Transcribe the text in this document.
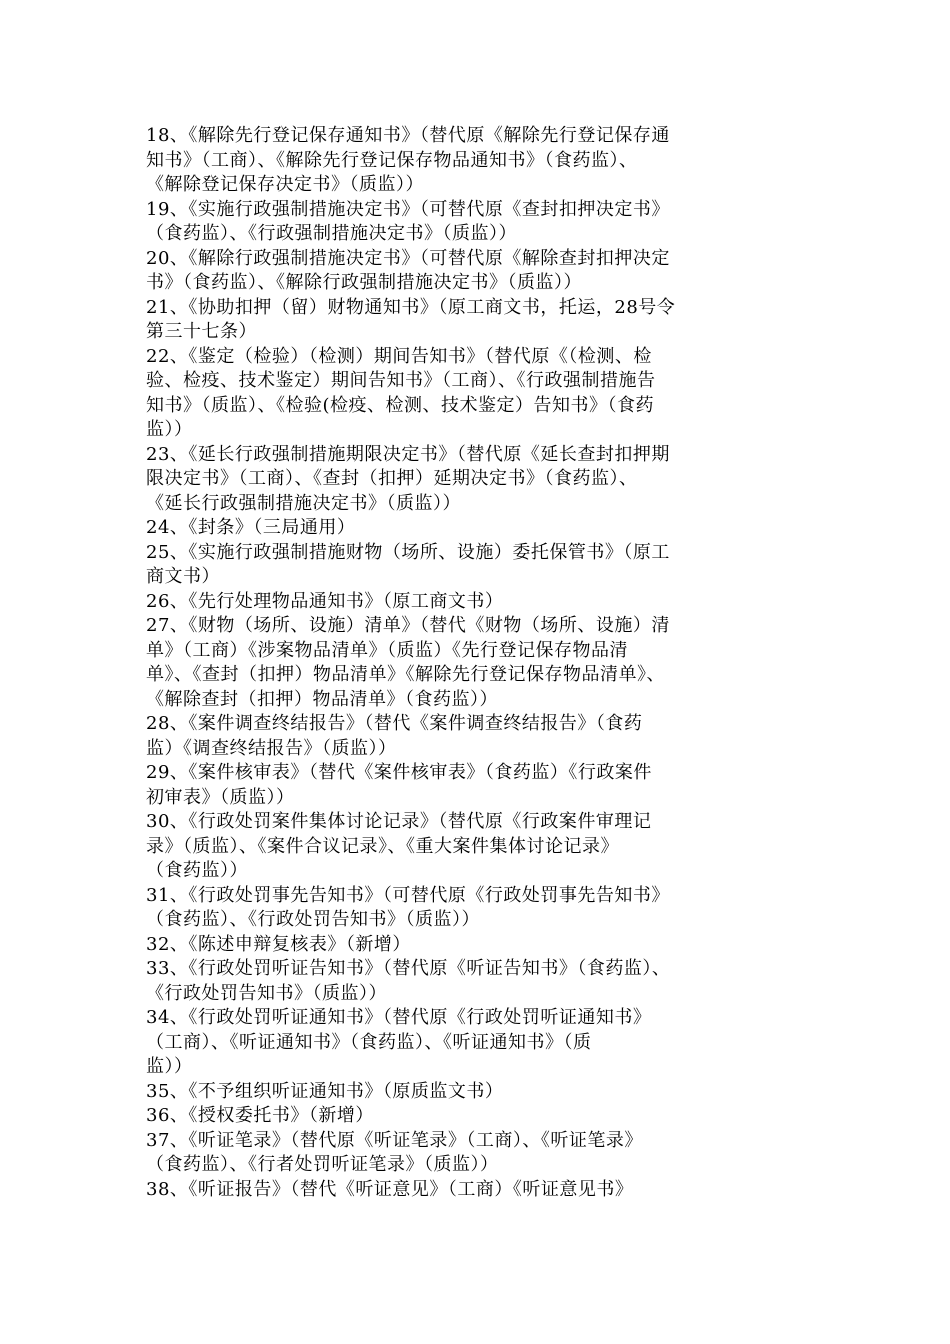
18、《解除先行登记保存通知书》（替代原《解除先行登记保存通
知书》（工商）、《解除先行登记保存物品通知书》（食药监）、
《解除登记保存决定书》（质监））
19、《实施行政强制措施决定书》（可替代原《查封扣押决定书》
（食药监）、《行政强制措施决定书》（质监））
20、《解除行政强制措施决定书》（可替代原《解除查封扣押决定
书》（食药监）、《解除行政强制措施决定书》（质监））
21、《协助扣押（留）财物通知书》（原工商文书，托运，28号令
第三十七条）
22、《鉴定（检验）（检测）期间告知书》（替代原《（检测、检
验、检疫、技术鉴定）期间告知书》（工商）、《行政强制措施告
知书》（质监）、《检验(检疫、检测、技术鉴定）告知书》（食药
监））
23、《延长行政强制措施期限决定书》（替代原《延长查封扣押期
限决定书》（工商）、《查封（扣押）延期决定书》（食药监）、
《延长行政强制措施决定书》（质监））
24、《封条》（三局通用）
25、《实施行政强制措施财物（场所、设施）委托保管书》（原工
商文书）
26、《先行处理物品通知书》（原工商文书）
27、《财物（场所、设施）清单》（替代《财物（场所、设施）清
单》（工商）《涉案物品清单》（质监）《先行登记保存物品清
单》、《查封（扣押）物品清单》《解除先行登记保存物品清单》、
《解除查封（扣押）物品清单》（食药监））
28、《案件调查终结报告》（替代《案件调查终结报告》（食药
监）《调查终结报告》（质监））
29、《案件核审表》（替代《案件核审表》（食药监）《行政案件
初审表》（质监））
30、《行政处罚案件集体讨论记录》（替代原《行政案件审理记
录》（质监）、《案件合议记录》、《重大案件集体讨论记录》
（食药监））
31、《行政处罚事先告知书》（可替代原《行政处罚事先告知书》
（食药监）、《行政处罚告知书》（质监））
32、《陈述申辩复核表》（新增）
33、《行政处罚听证告知书》（替代原《听证告知书》（食药监）、
《行政处罚告知书》（质监））
34、《行政处罚听证通知书》（替代原《行政处罚听证通知书》
（工商）、《听证通知书》（食药监）、《听证通知书》（质
监））
35、《不予组织听证通知书》（原质监文书）
36、《授权委托书》（新增）
37、《听证笔录》（替代原《听证笔录》（工商）、《听证笔录》
（食药监）、《行者处罚听证笔录》（质监））
38、《听证报告》（替代《听证意见》（工商）《听证意见书》
